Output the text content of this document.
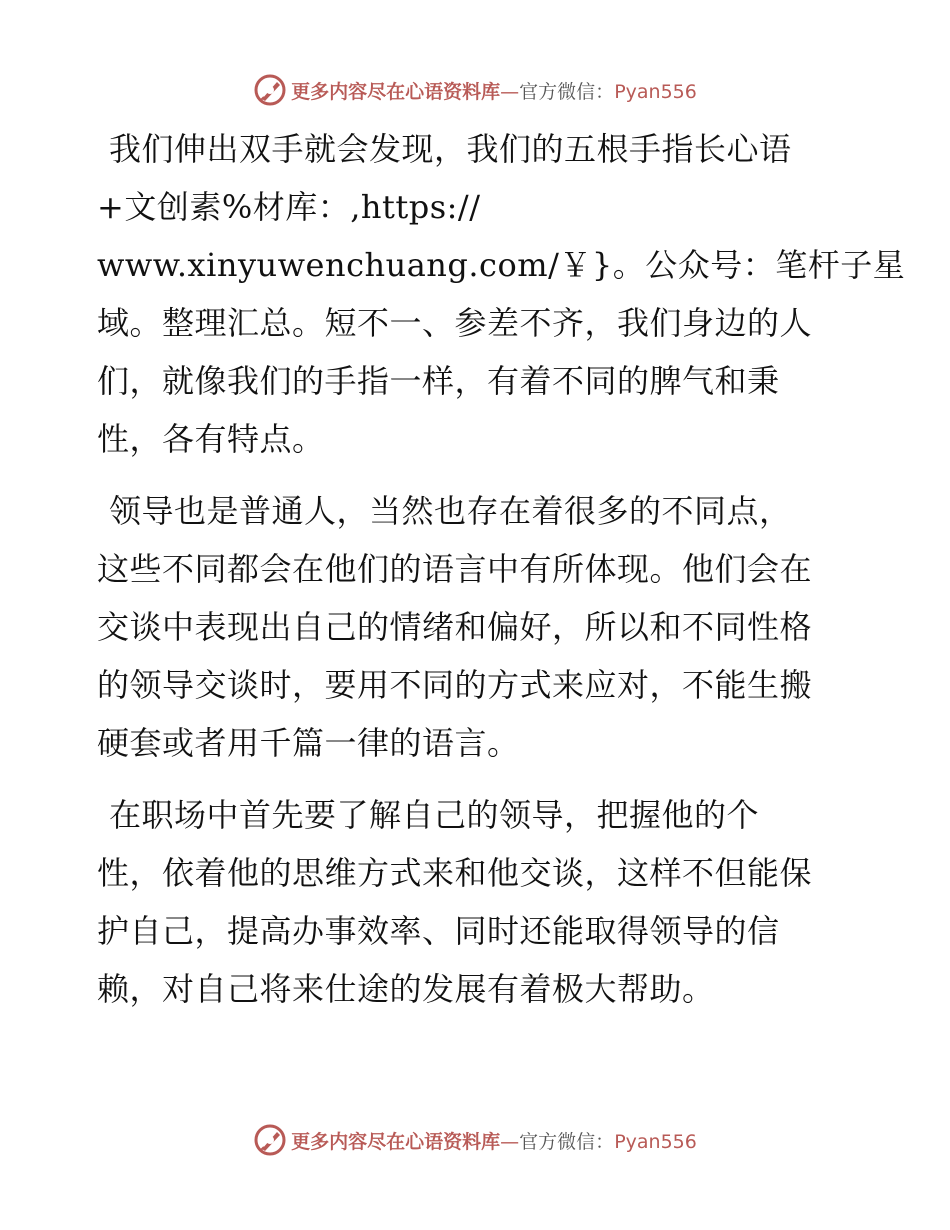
更多内容尽在心语资料库—官方微信：Pyan556

我们伸出双手就会发现，我们的五根手指长心语
+文创素%材库：,https://
www.xinyuwenchuang.com/￥}。公众号：笔杆子星
域。整理汇总。短不一、参差不齐，我们身边的人
们，就像我们的手指一样，有着不同的脾气和秉
性，各有特点。

领导也是普通人，当然也存在着很多的不同点，
这些不同都会在他们的语言中有所体现。他们会在
交谈中表现出自己的情绪和偏好，所以和不同性格
的领导交谈时，要用不同的方式来应对，不能生搬
硬套或者用千篇一律的语言。

在职场中首先要了解自己的领导，把握他的个
性，依着他的思维方式来和他交谈，这样不但能保
护自己，提高办事效率、同时还能取得领导的信
赖，对自己将来仕途的发展有着极大帮助。

更多内容尽在心语资料库—官方微信：Pyan556
